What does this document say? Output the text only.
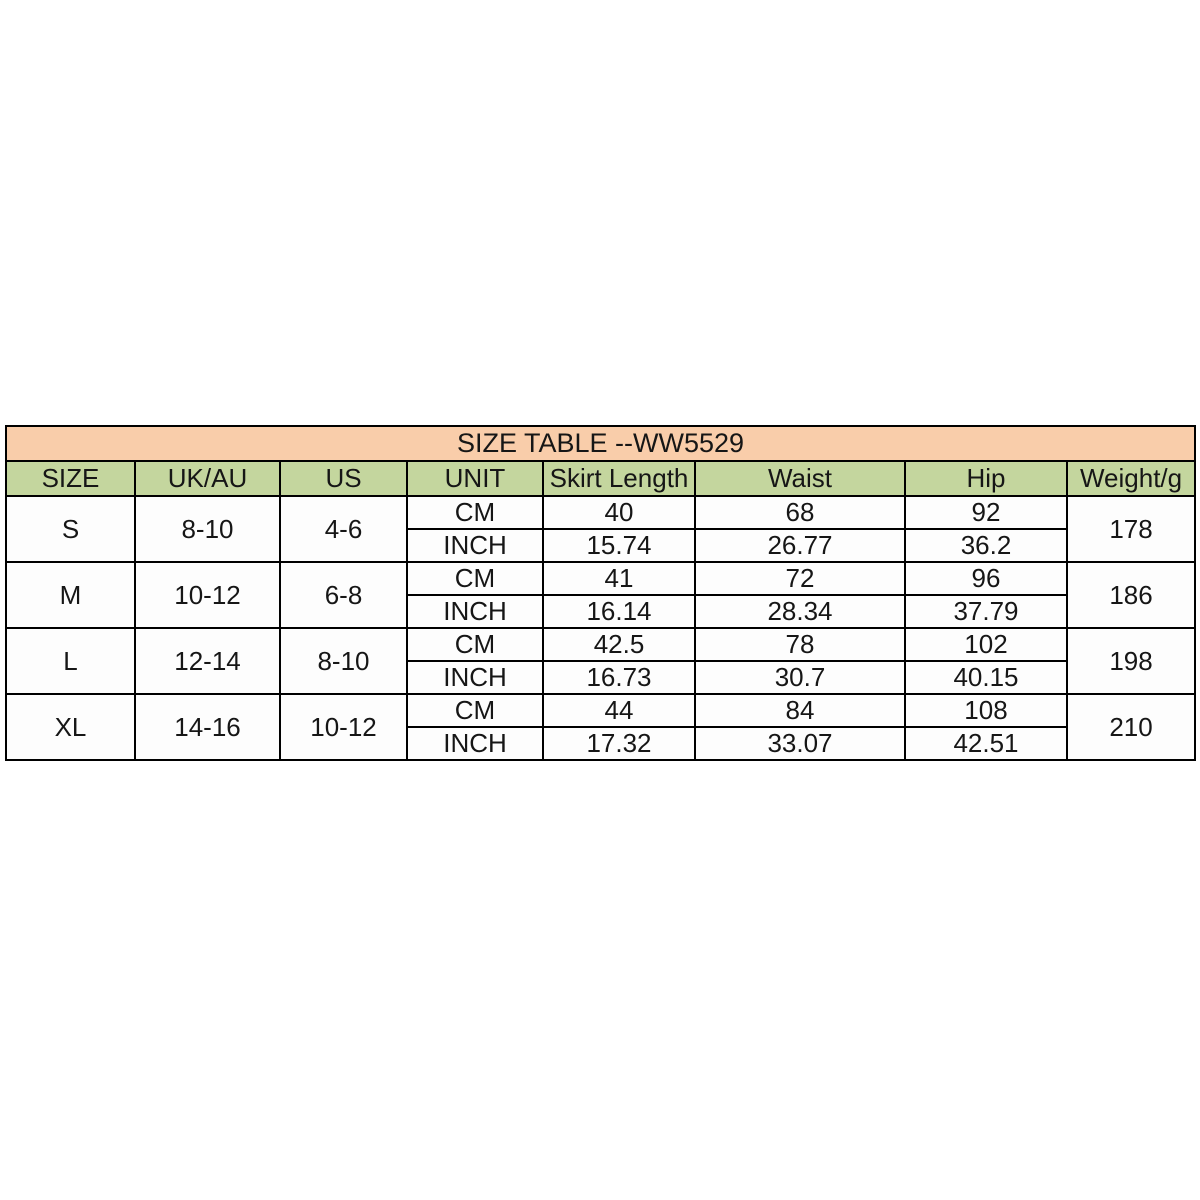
SIZE TABLE --WW5529							
SIZE	UK/AU	US	UNIT	Skirt Length	Waist	Hip	Weight/g
S	8-10	4-6	CM	40	68	92	178
			INCH	15.74	26.77	36.2	
M	10-12	6-8	CM	41	72	96	186
			INCH	16.14	28.34	37.79	
L	12-14	8-10	CM	42.5	78	102	198
			INCH	16.73	30.7	40.15	
XL	14-16	10-12	CM	44	84	108	210
			INCH	17.32	33.07	42.51	
